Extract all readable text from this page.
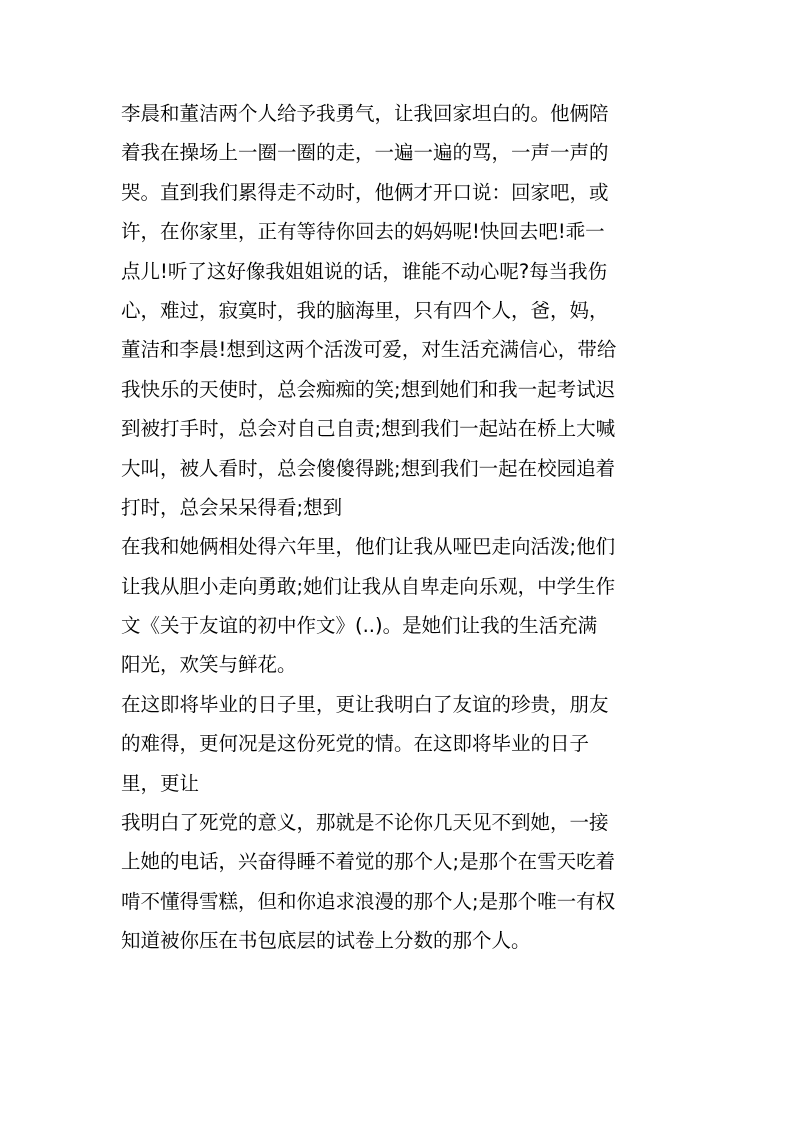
李晨和董洁两个人给予我勇气，让我回家坦白的。他俩陪
着我在操场上一圈一圈的走，一遍一遍的骂，一声一声的
哭。直到我们累得走不动时，他俩才开口说：回家吧，或
许，在你家里，正有等待你回去的妈妈呢!快回去吧!乖一
点儿!听了这好像我姐姐说的话，谁能不动心呢?每当我伤
心，难过，寂寞时，我的脑海里，只有四个人，爸，妈，
董洁和李晨!想到这两个活泼可爱，对生活充满信心，带给
我快乐的天使时，总会痴痴的笑;想到她们和我一起考试迟
到被打手时，总会对自己自责;想到我们一起站在桥上大喊
大叫，被人看时，总会傻傻得跳;想到我们一起在校园追着
打时，总会呆呆得看;想到
在我和她俩相处得六年里，他们让我从哑巴走向活泼;他们
让我从胆小走向勇敢;她们让我从自卑走向乐观，中学生作
文《关于友谊的初中作文》(..)。是她们让我的生活充满
阳光，欢笑与鲜花。
在这即将毕业的日子里，更让我明白了友谊的珍贵，朋友
的难得，更何况是这份死党的情。在这即将毕业的日子
里，更让
我明白了死党的意义，那就是不论你几天见不到她，一接
上她的电话，兴奋得睡不着觉的那个人;是那个在雪天吃着
啃不懂得雪糕，但和你追求浪漫的那个人;是那个唯一有权
知道被你压在书包底层的试卷上分数的那个人。
